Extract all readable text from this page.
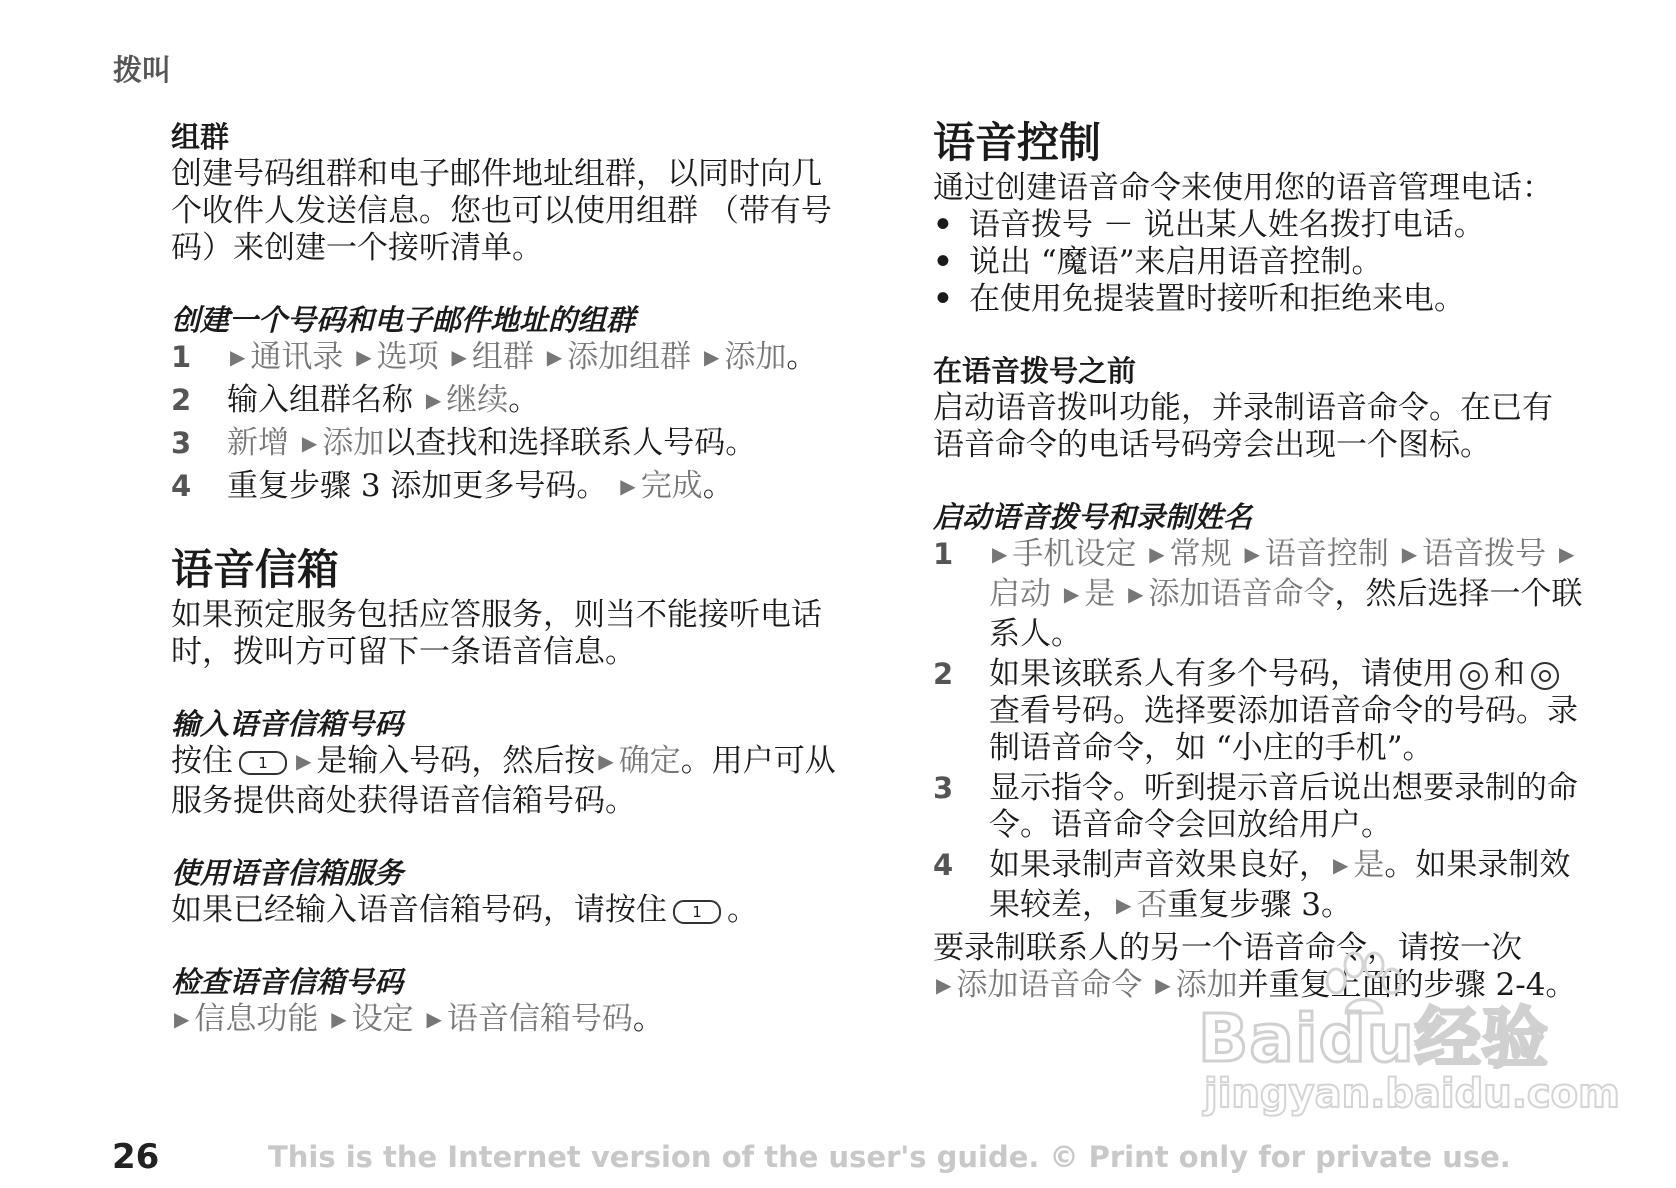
拨叫

组群

创建号码组群和电子邮件地址组群，以同时向几个收件人发送信息。您也可以使用组群 （带有号码）来创建一个接听清单。

创建一个号码和电子邮件地址的组群

1	▶ 通讯录 ▶ 选项 ▶ 组群 ▶ 添加组群 ▶ 添加。
2	输入组群名称 ▶ 继续。
3	新增 ▶ 添加以查找和选择联系人号码。
4	重复步骤 3 添加更多号码。 ▶ 完成。

语音信箱

如果预定服务包括应答服务，则当不能接听电话时，拨叫方可留下一条语音信息。

输入语音信箱号码

按住 1 ▶ 是输入号码，然后按 ▶ 确定。用户可从服务提供商处获得语音信箱号码。

使用语音信箱服务

如果已经输入语音信箱号码，请按住 1 。

检查语音信箱号码

▶ 信息功能 ▶ 设定 ▶ 语音信箱号码。

语音控制

通过创建语音命令来使用您的语音管理电话：

• 语音拨号 － 说出某人姓名拨打电话。
• 说出 “魔语”来启用语音控制。
• 在使用免提装置时接听和拒绝来电。

在语音拨号之前

启动语音拨叫功能，并录制语音命令。在已有语音命令的电话号码旁会出现一个图标。

启动语音拨号和录制姓名

1	▶ 手机设定 ▶ 常规 ▶ 语音控制 ▶ 语音拨号 ▶启动 ▶ 是 ▶ 添加语音命令，然后选择一个联系人。
2	如果该联系人有多个号码，请使用 和查看号码。选择要添加语音命令的号码。录制语音命令，如 “小庄的手机”。
3	显示指令。听到提示音后说出想要录制的命令。语音命令会回放给用户。
4	如果录制声音效果良好， ▶ 是。如果录制效果较差， ▶ 否重复步骤 3。

要录制联系人的另一个语音命令，请按一次
▶ 添加语音命令 ▶ 添加并重复上面的步骤 2-4。

Baidu经验
jingyan.baidu.com
26	This is the Internet version of the user's guide. © Print only for private use.
